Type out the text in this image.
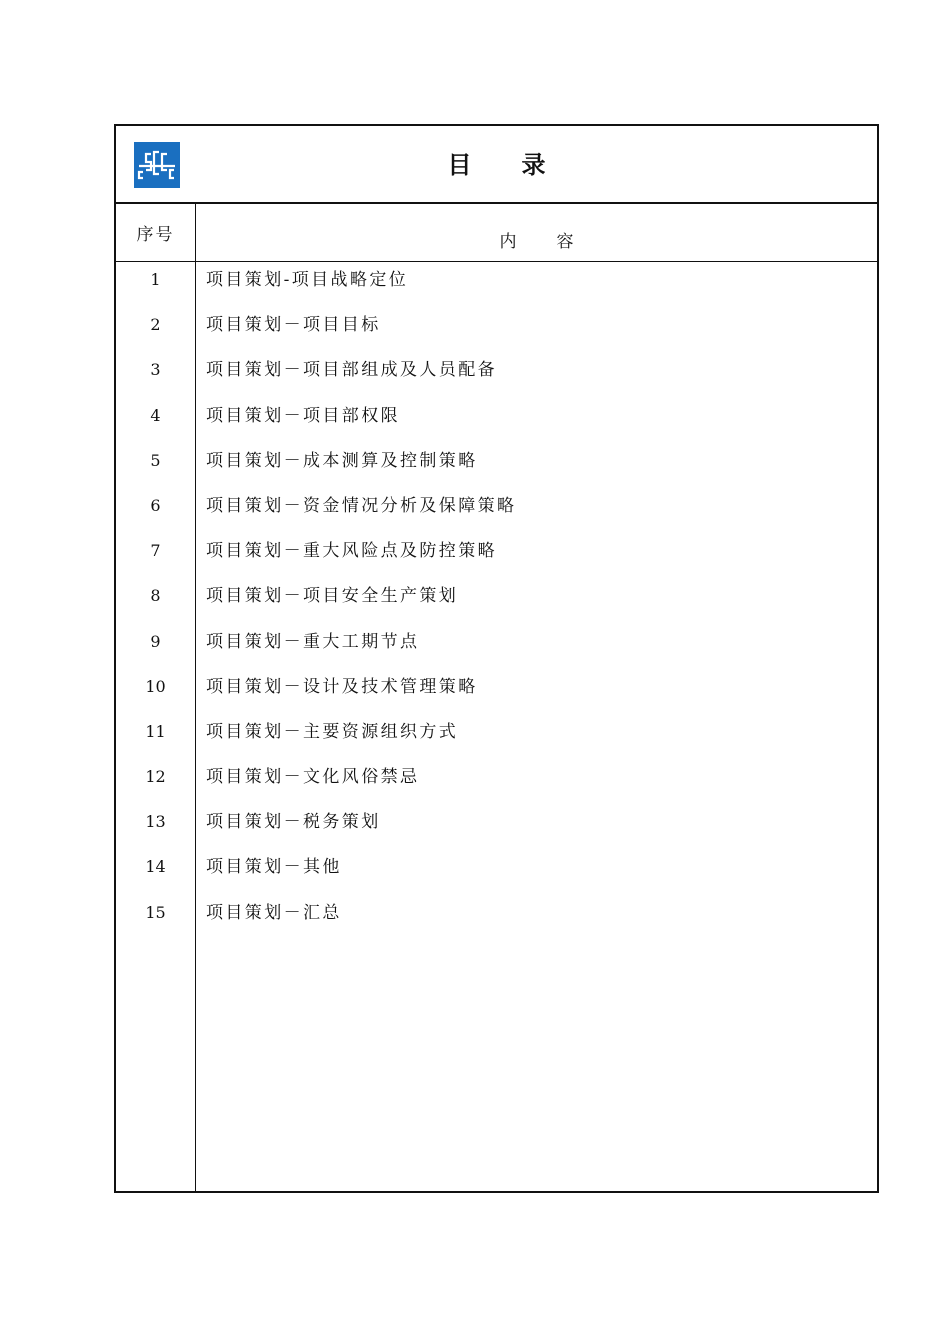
目录
序号	内容
1	项目策划-项目战略定位
2	项目策划－项目目标
3	项目策划－项目部组成及人员配备
4	项目策划－项目部权限
5	项目策划－成本测算及控制策略
6	项目策划－资金情况分析及保障策略
7	项目策划－重大风险点及防控策略
8	项目策划－项目安全生产策划
9	项目策划－重大工期节点
10	项目策划－设计及技术管理策略
11	项目策划－主要资源组织方式
12	项目策划－文化风俗禁忌
13	项目策划－税务策划
14	项目策划－其他
15	项目策划－汇总
